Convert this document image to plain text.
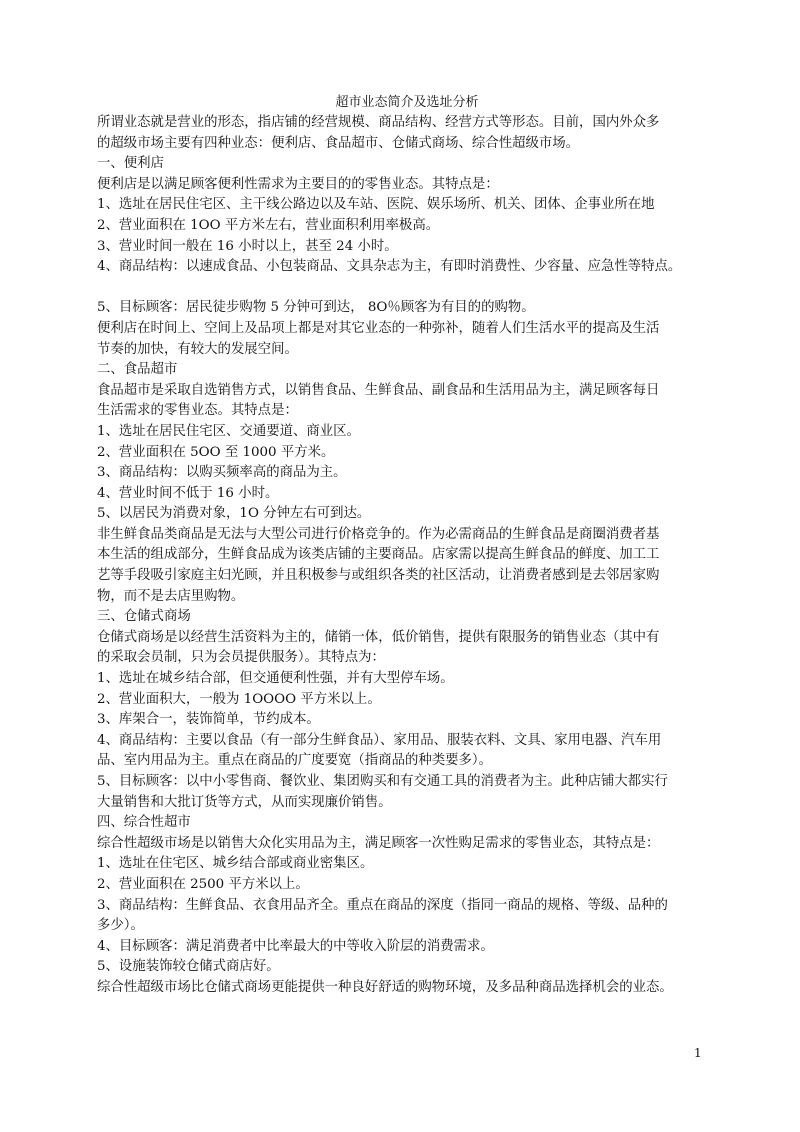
超市业态简介及选址分析
所谓业态就是营业的形态，指店铺的经营规模、商品结构、经营方式等形态。目前，国内外众多
的超级市场主要有四种业态：便利店、食品超市、仓储式商场、综合性超级市场。
一、便利店
便利店是以满足顾客便利性需求为主要目的的零售业态。其特点是：
1、选址在居民住宅区、主干线公路边以及车站、医院、娱乐场所、机关、团体、企事业所在地
2、营业面积在 1OO 平方米左右，营业面积利用率极高。
3、营业时间一般在 16 小时以上，甚至 24 小时。
4、商品结构：以速成食品、小包装商品、文具杂志为主，有即时消费性、少容量、应急性等特点。
5、目标顾客：居民徒步购物 5 分钟可到达， 8O％顾客为有目的的购物。
便利店在时间上、空间上及品项上都是对其它业态的一种弥补，随着人们生活水平的提高及生活
节奏的加快，有较大的发展空间。
二、食品超市
食品超市是采取自选销售方式，以销售食品、生鲜食品、副食品和生活用品为主，满足顾客每日
生活需求的零售业态。其特点是：
1、选址在居民住宅区、交通要道、商业区。
2、营业面积在 5OO 至 1000 平方米。
3、商品结构：以购买频率高的商品为主。
4、营业时间不低于 16 小时。
5、以居民为消费对象，1O 分钟左右可到达。
非生鲜食品类商品是无法与大型公司进行价格竞争的。作为必需商品的生鲜食品是商圈消费者基
本生活的组成部分，生鲜食品成为该类店铺的主要商品。店家需以提高生鲜食品的鲜度、加工工
艺等手段吸引家庭主妇光顾，并且积极参与或组织各类的社区活动，让消费者感到是去邻居家购
物，而不是去店里购物。
三、仓储式商场
仓储式商场是以经营生活资料为主的，储销一体，低价销售，提供有限服务的销售业态（其中有
的采取会员制，只为会员提供服务）。其特点为：
1、选址在城乡结合部，但交通便利性强，并有大型停车场。
2、营业面积大，一般为 1OOOO 平方米以上。
3、库架合一，装饰简单，节约成本。
4、商品结构：主要以食品（有一部分生鲜食品）、家用品、服装衣料、文具、家用电器、汽车用
品、室内用品为主。重点在商品的广度要宽（指商品的种类要多）。
5、目标顾客：以中小零售商、餐饮业、集团购买和有交通工具的消费者为主。此种店铺大都实行
大量销售和大批订货等方式，从而实现廉价销售。
四、综合性超市
综合性超级市场是以销售大众化实用品为主，满足顾客一次性购足需求的零售业态，其特点是：
1、选址在住宅区、城乡结合部或商业密集区。
2、营业面积在 2500 平方米以上。
3、商品结构：生鲜食品、衣食用品齐全。重点在商品的深度（指同一商品的规格、等级、品种的
多少）。
4、目标顾客：满足消费者中比率最大的中等收入阶层的消费需求。
5、设施装饰较仓储式商店好。
综合性超级市场比仓储式商场更能提供一种良好舒适的购物环境，及多品种商品选择机会的业态。
1
